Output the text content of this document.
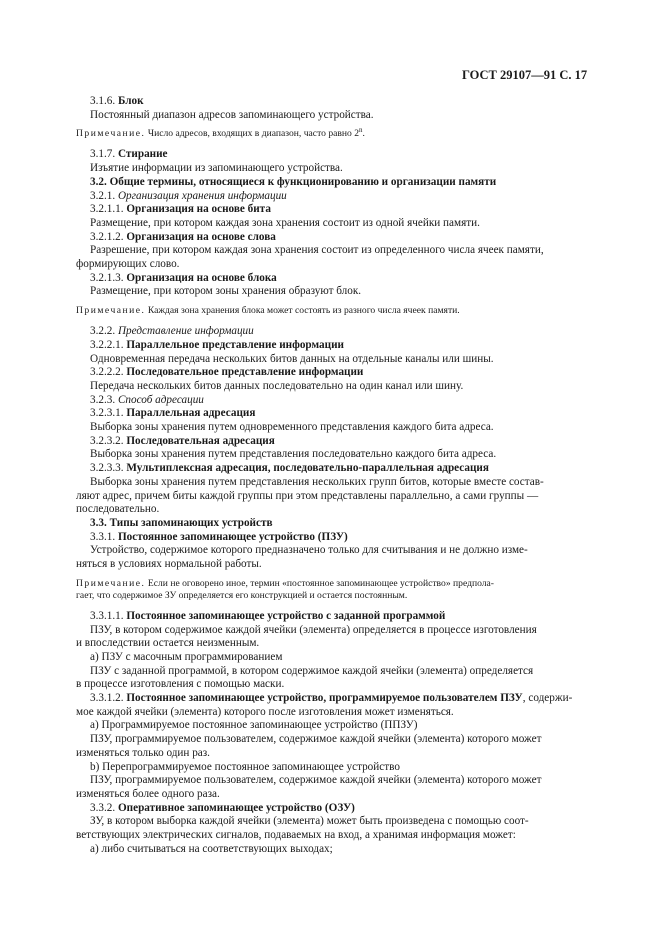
ГОСТ 29107—91 С. 17

3.1.6. Блок

Постоянный диапазон адресов запоминающего устройства.

Примечание. Число адресов, входящих в диапазон, часто равно 2$^n$.

3.1.7. Стирание

Изъятие информации из запоминающего устройства.

3.2. Общие термины, относящиеся к функционированию и организации памяти

3.2.1. Организация хранения информации

3.2.1.1. Организация на основе бита

Размещение, при котором каждая зона хранения состоит из одной ячейки памяти.

3.2.1.2. Организация на основе слова

Разрешение, при котором каждая зона хранения состоит из определенного числа ячеек памяти,

формирующих слово.

3.2.1.3. Организация на основе блока

Размещение, при котором зоны хранения образуют блок.

Примечание. Каждая зона хранения блока может состоять из разного числа ячеек памяти.

3.2.2. Представление информации

3.2.2.1. Параллельное представление информации

Одновременная передача нескольких битов данных на отдельные каналы или шины.

3.2.2.2. Последовательное представление информации

Передача нескольких битов данных последовательно на один канал или шину.

3.2.3. Способ адресации

3.2.3.1. Параллельная адресация

Выборка зоны хранения путем одновременного представления каждого бита адреса.

3.2.3.2. Последовательная адресация

Выборка зоны хранения путем представления последовательно каждого бита адреса.

3.2.3.3. Мультиплексная адресация, последовательно-параллельная адресация

Выборка зоны хранения путем представления нескольких групп битов, которые вместе состав-

ляют адрес, причем биты каждой группы при этом представлены параллельно, а сами группы —

последовательно.

3.3. Типы запоминающих устройств

3.3.1. Постоянное запоминающее устройство (ПЗУ)

Устройство, содержимое которого предназначено только для считывания и не должно изме-

няться в условиях нормальной работы.

Примечание. Если не оговорено иное, термин «постоянное запоминающее устройство» предпола-
гает, что содержимое ЗУ определяется его конструкцией и остается постоянным.

3.3.1.1. Постоянное запоминающее устройство с заданной программой

ПЗУ, в котором содержимое каждой ячейки (элемента) определяется в процессе изготовления

и впоследствии остается неизменным.

а) ПЗУ с масочным программированием

ПЗУ с заданной программой, в котором содержимое каждой ячейки (элемента) определяется

в процессе изготовления с помощью маски.

3.3.1.2. Постоянное запоминающее устройство, программируемое пользователем ПЗУ, содержи-

мое каждой ячейки (элемента) которого после изготовления может изменяться.

а) Программируемое постоянное запоминающее устройство (ППЗУ)

ПЗУ, программируемое пользователем, содержимое каждой ячейки (элемента) которого может

изменяться только один раз.

b) Перепрограммируемое постоянное запоминающее устройство

ПЗУ, программируемое пользователем, содержимое каждой ячейки (элемента) которого может

изменяться более одного раза.

3.3.2. Оперативное запоминающее устройство (ОЗУ)

ЗУ, в котором выборка каждой ячейки (элемента) может быть произведена с помощью соот-

ветствующих электрических сигналов, подаваемых на вход, а хранимая информация может:

а) либо считываться на соответствующих выходах;
